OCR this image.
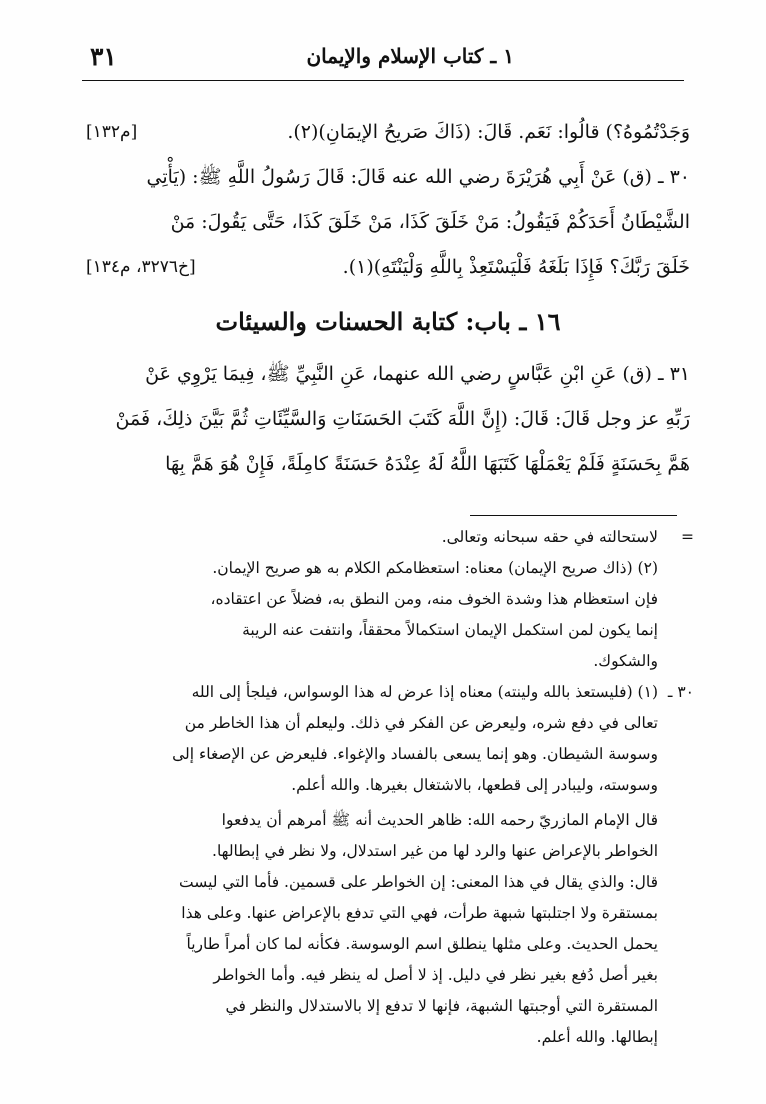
٣١	١ ـ كتاب الإسلام والإيمان
وَجَدْتُمُوهُ؟) قالُوا: نَعَم. قَالَ: (ذَاكَ صَريحُ الإيمَانِ)(٢).
[م١٣٢]
٣٠ ـ (ق) عَنْ أَبِي هُرَيْرَةَ رضي الله عنه قَالَ: قَالَ رَسُولُ اللَّهِ ﷺ: (يَأْتِي
الشَّيْطَانُ أَحَدَكُمْ فَيَقُولُ: مَنْ خَلَقَ كَذَا، مَنْ خَلَقَ كَذَا، حَتَّى يَقُولَ: مَنْ
خَلَقَ رَبَّكَ؟ فَإِذَا بَلَغَهُ فَلْيَسْتَعِذْ بِاللَّهِ وَلْيَنْتَهِ)(١).
[خ٣٢٧٦، م١٣٤]
١٦ ـ باب: كتابة الحسنات والسيئات
٣١ ـ (ق) عَنِ ابْنِ عَبَّاسٍ رضي الله عنهما، عَنِ النَّبِيِّ ﷺ، فِيمَا يَرْوِي عَنْ
رَبِّهِ عز وجل قَالَ: قَالَ: (إِنَّ اللَّهَ كَتَبَ الحَسَنَاتِ وَالسَّيِّئَاتِ ثُمَّ بَيَّنَ ذلِكَ، فَمَنْ
هَمَّ بِحَسَنَةٍ فَلَمْ يَعْمَلْهَا كَتَبَهَا اللَّهُ لَهُ عِنْدَهُ حَسَنَةً كامِلَةً، فَإِنْ هُوَ هَمَّ بِهَا
=
لاستحالته في حقه سبحانه وتعالى.
(٢) (ذاك صريح الإيمان) معناه: استعظامكم الكلام به هو صريح الإيمان.
فإن استعظام هذا وشدة الخوف منه، ومن النطق به، فضلاً عن اعتقاده،
إنما يكون لمن استكمل الإيمان استكمالاً محققاً، وانتفت عنه الريبة
والشكوك.
٣٠ ـ
(١) (فليستعذ بالله ولينته) معناه إذا عرض له هذا الوسواس، فيلجأ إلى الله
تعالى في دفع شره، وليعرض عن الفكر في ذلك. وليعلم أن هذا الخاطر من
وسوسة الشيطان. وهو إنما يسعى بالفساد والإغواء. فليعرض عن الإصغاء إلى
وسوسته، وليبادر إلى قطعها، بالاشتغال بغيرها. والله أعلم.
قال الإمام المازريّ رحمه الله: ظاهر الحديث أنه ﷺ أمرهم أن يدفعوا
الخواطر بالإعراض عنها والرد لها من غير استدلال، ولا نظر في إبطالها.
قال: والذي يقال في هذا المعنى: إن الخواطر على قسمين. فأما التي ليست
بمستقرة ولا اجتلبتها شبهة طرأت، فهي التي تدفع بالإعراض عنها. وعلى هذا
يحمل الحديث. وعلى مثلها ينطلق اسم الوسوسة. فكأنه لما كان أمراً طارياً
بغير أصل دُفع بغير نظر في دليل. إذ لا أصل له ينظر فيه. وأما الخواطر
المستقرة التي أوجبتها الشبهة، فإنها لا تدفع إلا بالاستدلال والنظر في
إبطالها. والله أعلم.
